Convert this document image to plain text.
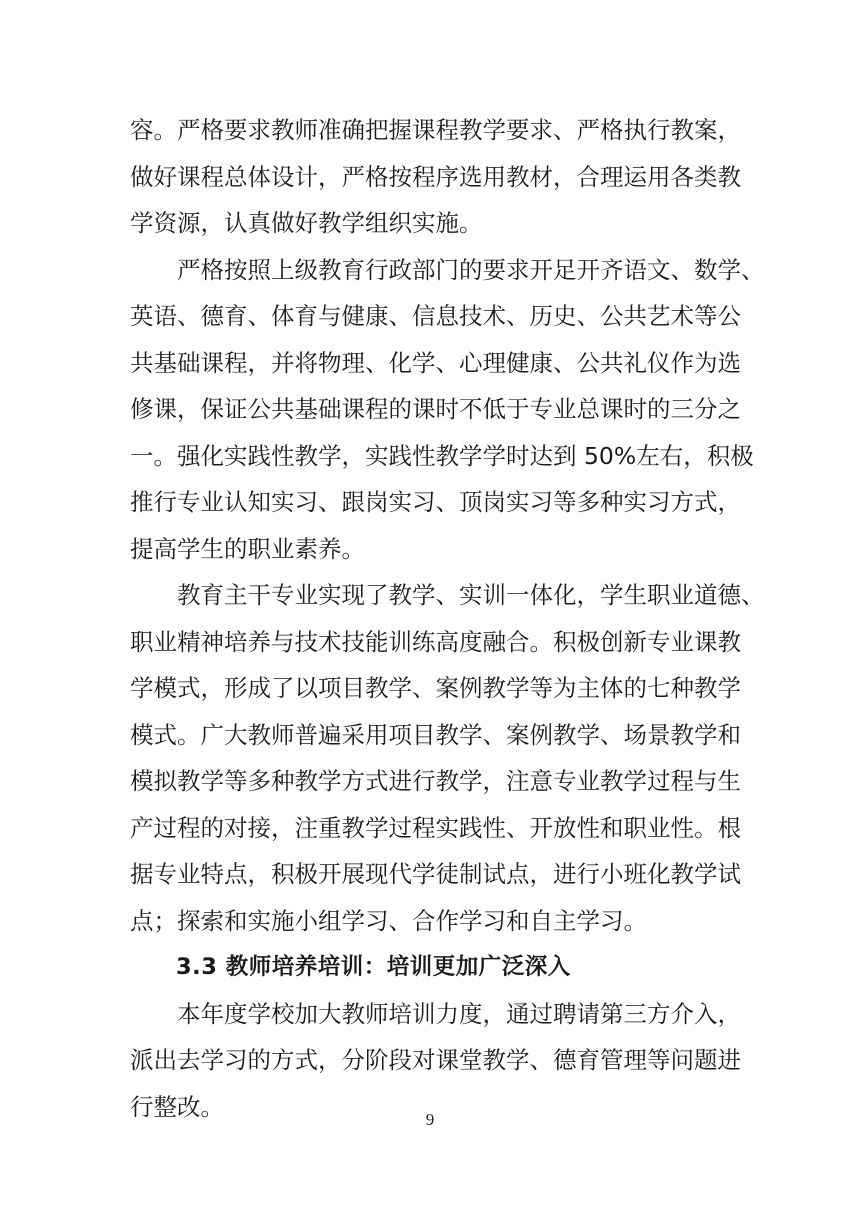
容。严格要求教师准确把握课程教学要求、严格执行教案，
做好课程总体设计，严格按程序选用教材，合理运用各类教
学资源，认真做好教学组织实施。
　　严格按照上级教育行政部门的要求开足开齐语文、数学、
英语、德育、体育与健康、信息技术、历史、公共艺术等公
共基础课程，并将物理、化学、心理健康、公共礼仪作为选
修课，保证公共基础课程的课时不低于专业总课时的三分之
一。强化实践性教学，实践性教学学时达到 50%左右，积极
推行专业认知实习、跟岗实习、顶岗实习等多种实习方式，
提高学生的职业素养。
　　教育主干专业实现了教学、实训一体化，学生职业道德、
职业精神培养与技术技能训练高度融合。积极创新专业课教
学模式，形成了以项目教学、案例教学等为主体的七种教学
模式。广大教师普遍采用项目教学、案例教学、场景教学和
模拟教学等多种教学方式进行教学，注意专业教学过程与生
产过程的对接，注重教学过程实践性、开放性和职业性。根
据专业特点，积极开展现代学徒制试点，进行小班化教学试
点；探索和实施小组学习、合作学习和自主学习。
　　3.3 教师培养培训：培训更加广泛深入
　　本年度学校加大教师培训力度，通过聘请第三方介入，
派出去学习的方式，分阶段对课堂教学、德育管理等问题进
行整改。	9
